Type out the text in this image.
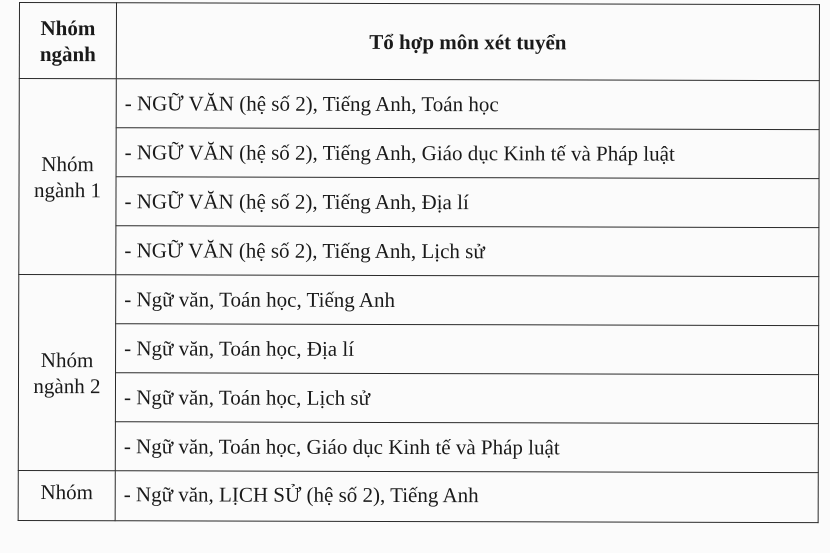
Nhóm
ngành	Tổ hợp môn xét tuyển

Nhóm
ngành 1	- NGỮ VĂN (hệ số 2), Tiếng Anh, Toán học
	- NGỮ VĂN (hệ số 2), Tiếng Anh, Giáo dục Kinh tế và Pháp luật
	- NGỮ VĂN (hệ số 2), Tiếng Anh, Địa lí
	- NGỮ VĂN (hệ số 2), Tiếng Anh, Lịch sử

Nhóm
ngành 2	- Ngữ văn, Toán học, Tiếng Anh
	- Ngữ văn, Toán học, Địa lí
	- Ngữ văn, Toán học, Lịch sử
	- Ngữ văn, Toán học, Giáo dục Kinh tế và Pháp luật

Nhóm	- Ngữ văn, LỊCH SỬ (hệ số 2), Tiếng Anh
